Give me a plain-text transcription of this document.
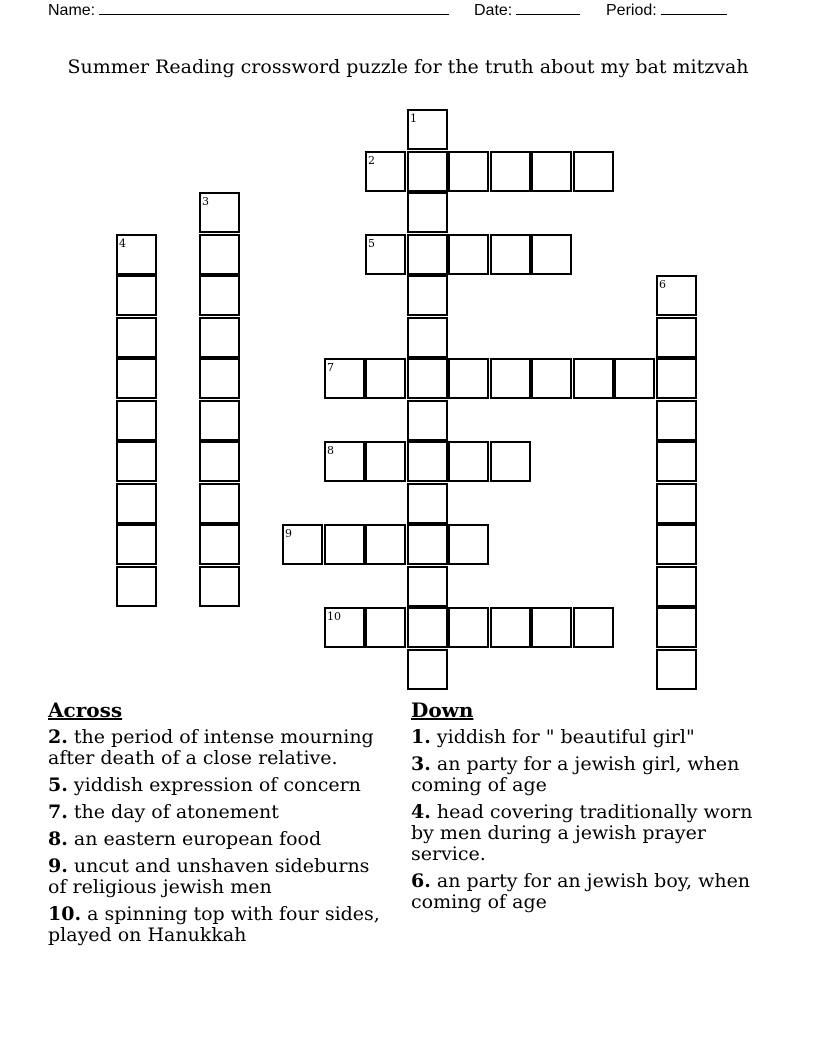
Name:	Date:	Period:
Summer Reading crossword puzzle for the truth about my bat mitzvah
2
5
7
8
9
10
1
3
4
6
Across
2. the period of intense mourning after death of a close relative.
5. yiddish expression of concern
7. the day of atonement
8. an eastern european food
9. uncut and unshaven sideburns of religious jewish men
10. a spinning top with four sides, played on Hanukkah
Down
1. yiddish for " beautiful girl"
3. an party for a jewish girl, when coming of age
4. head covering traditionally worn by men during a jewish prayer service.
6. an party for an jewish boy, when coming of age
